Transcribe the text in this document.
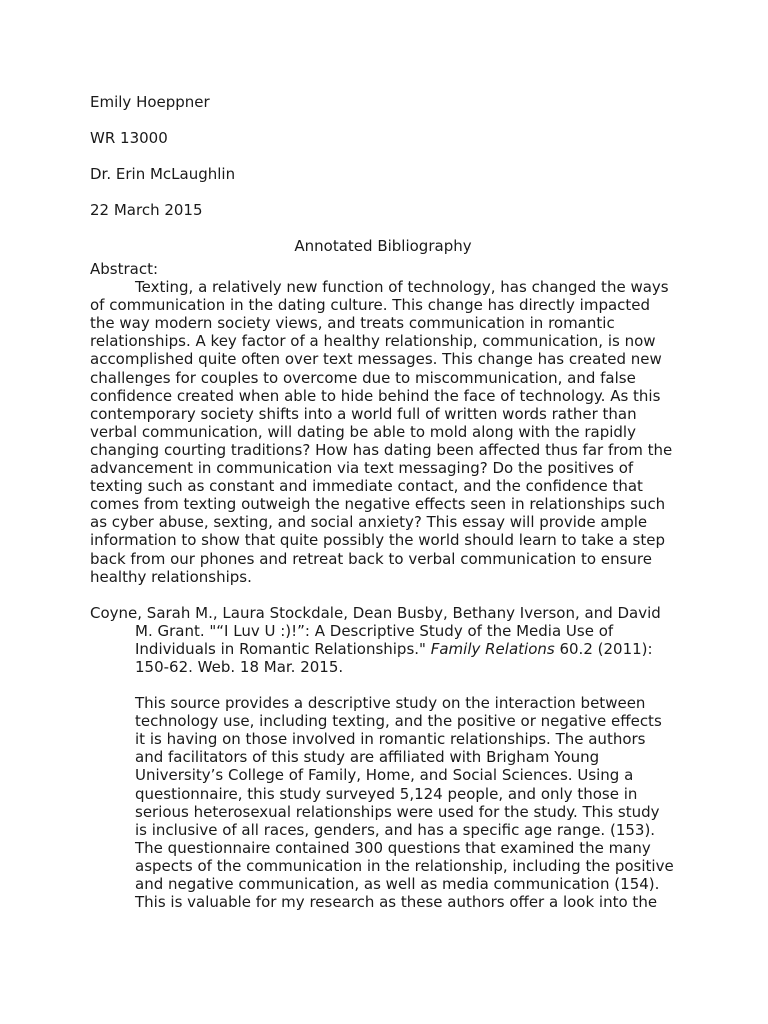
Emily Hoeppner
WR 13000
Dr. Erin McLaughlin
22 March 2015
Annotated Bibliography
Abstract:
Texting, a relatively new function of technology, has changed the ways
of communication in the dating culture. This change has directly impacted
the way modern society views, and treats communication in romantic
relationships. A key factor of a healthy relationship, communication, is now
accomplished quite often over text messages. This change has created new
challenges for couples to overcome due to miscommunication, and false
confidence created when able to hide behind the face of technology. As this
contemporary society shifts into a world full of written words rather than
verbal communication, will dating be able to mold along with the rapidly
changing courting traditions? How has dating been affected thus far from the
advancement in communication via text messaging? Do the positives of
texting such as constant and immediate contact, and the confidence that
comes from texting outweigh the negative effects seen in relationships such
as cyber abuse, sexting, and social anxiety? This essay will provide ample
information to show that quite possibly the world should learn to take a step
back from our phones and retreat back to verbal communication to ensure
healthy relationships.
Coyne, Sarah M., Laura Stockdale, Dean Busby, Bethany Iverson, and David
M. Grant. "“I Luv U :)!”: A Descriptive Study of the Media Use of
Individuals in Romantic Relationships." Family Relations 60.2 (2011):
150-62. Web. 18 Mar. 2015.
This source provides a descriptive study on the interaction between
technology use, including texting, and the positive or negative effects
it is having on those involved in romantic relationships. The authors
and facilitators of this study are affiliated with Brigham Young
University’s College of Family, Home, and Social Sciences. Using a
questionnaire, this study surveyed 5,124 people, and only those in
serious heterosexual relationships were used for the study. This study
is inclusive of all races, genders, and has a specific age range. (153).
The questionnaire contained 300 questions that examined the many
aspects of the communication in the relationship, including the positive
and negative communication, as well as media communication (154).
This is valuable for my research as these authors offer a look into the
